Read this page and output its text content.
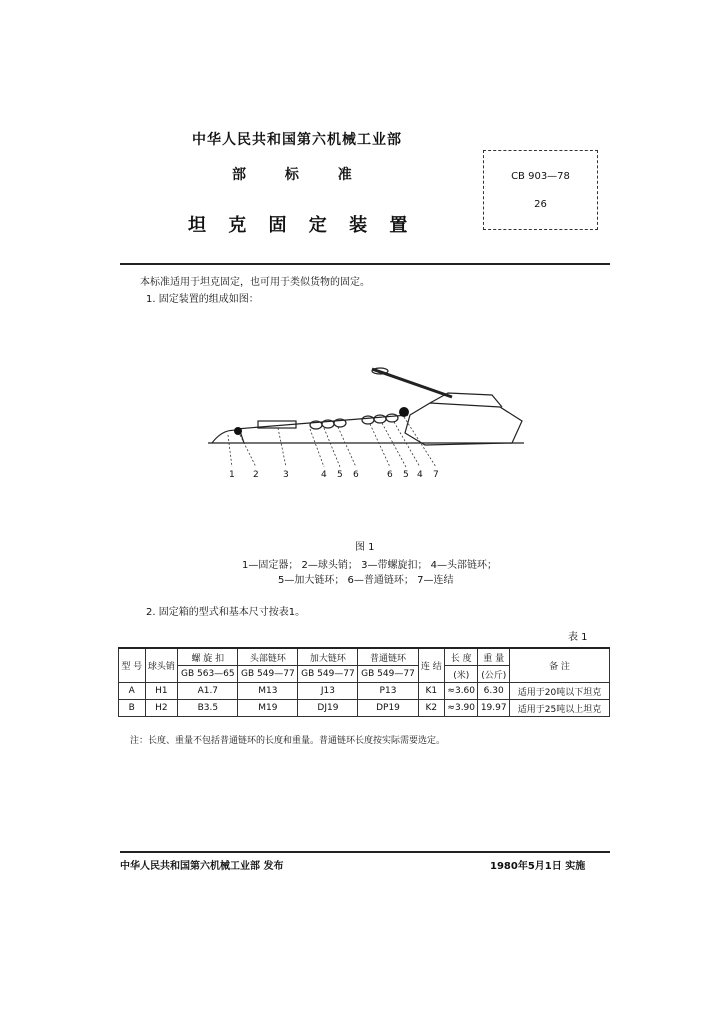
中华人民共和国第六机械工业部
部 标 准
坦 克 固 定 装 置
CB 903—78
26
本标准适用于坦克固定，也可用于类似货物的固定。
1. 固定装置的组成如图：
1 2	3	4 5 6	6 5 4 7
图 1
1—固定器； 2—球头销； 3—带螺旋扣； 4—头部链环；
5—加大链环； 6—普通链环； 7—连结
2. 固定箱的型式和基本尺寸按表1。
表 1
型 号	球头销	螺 旋 扣	头部链环	加大链环	普通链环	连 结	长 度	重 量	备 注
		GB 563—65	GB 549—77	GB 549—77	GB 549—77		(米)	(公斤)	
A	H1	A1.7	M13	J13	P13	K1	≈3.60	6.30	适用于20吨以下坦克
B	H2	B3.5	M19	DJ19	DP19	K2	≈3.90	19.97	适用于25吨以上坦克
注：长度、重量不包括普通链环的长度和重量。普通链环长度按实际需要选定。
中华人民共和国第六机械工业部 发布	1980年5月1日 实施
